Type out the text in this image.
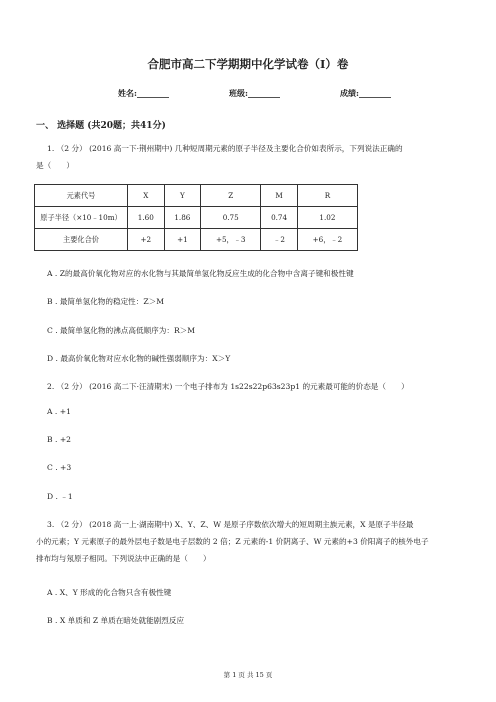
合肥市高二下学期期中化学试卷（I）卷
姓名:________	班级:________	成绩:________
一、 选择题 (共20题；共41分)
1. （2 分） (2016 高一下·荆州期中) 几种短周期元素的原子半径及主要化合价如表所示，下列说法正确的
是（　　）
元素代号	X	Y	Z	M	R
原子半径（×10﹣10m）	1.60	1.86	0.75	0.74	1.02
主要化合价	+2	+1	+5，﹣3	﹣2	+6，﹣2
A . Z的最高价氧化物对应的水化物与其最简单氢化物反应生成的化合物中含离子键和极性键
B . 最简单氢化物的稳定性：Z＞M
C . 最简单氢化物的沸点高低顺序为：R＞M
D . 最高价氧化物对应水化物的碱性强弱顺序为：X＞Y
2. （2 分） (2016 高二下·汪清期末) 一个电子排布为 1s22s22p63s23p1 的元素最可能的价态是（　　）
A . +1
B . +2
C . +3
D . ﹣1
3. （2 分） (2018 高一上·湖南期中) X、Y、Z、W 是原子序数依次增大的短周期主族元素，X 是原子半径最
小的元素；Y 元素原子的最外层电子数是电子层数的 2 倍；Z 元素的-1 价阴离子、W 元素的+3 价阳离子的核外电子
排布均与氖原子相同。下列说法中正确的是（　　）
A . X、Y 形成的化合物只含有极性键
B . X 单质和 Z 单质在暗处就能剧烈反应
第 1 页 共 15 页
